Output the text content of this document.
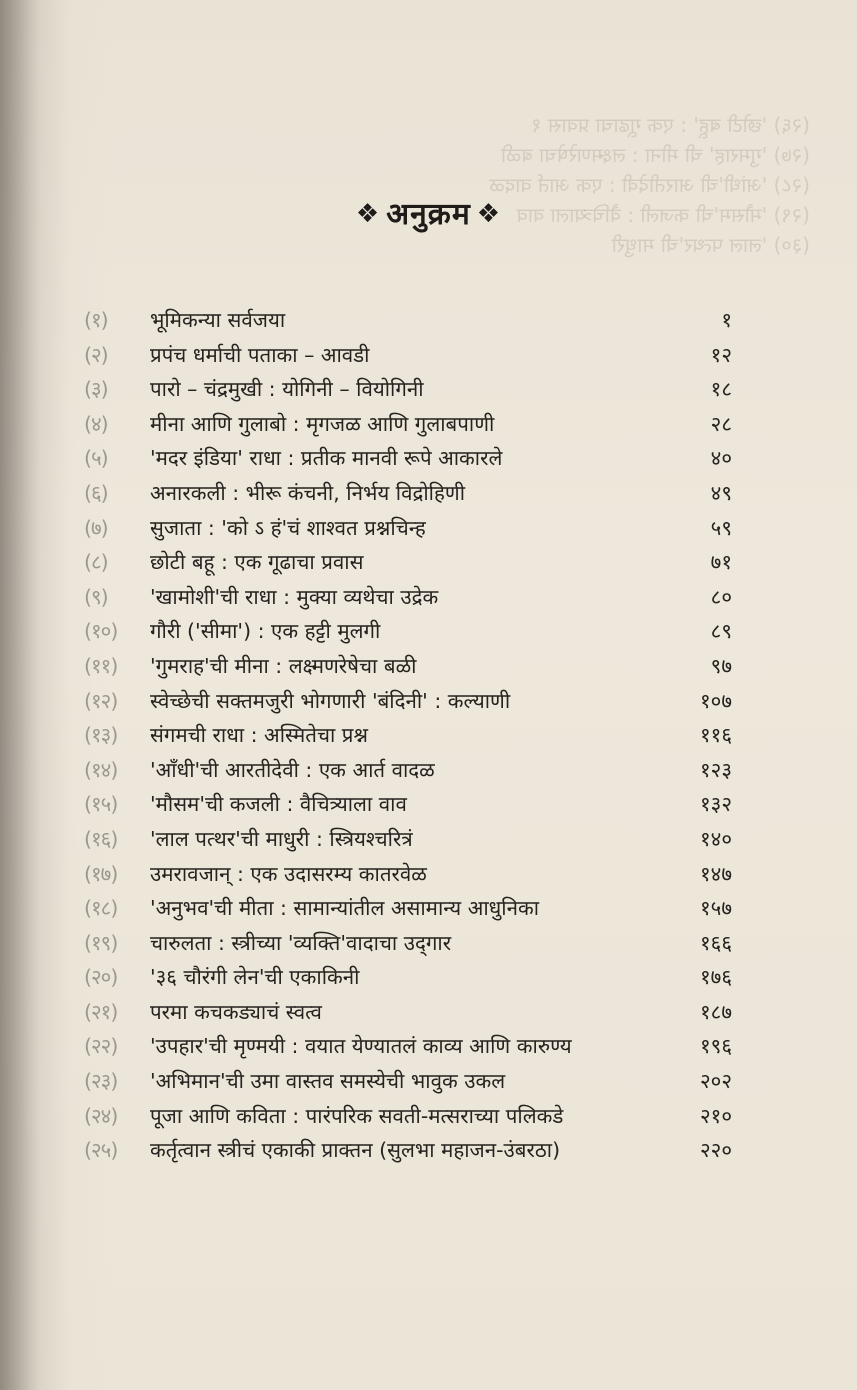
(२६) 'छोटी बहू' : एक गूढाचा प्रवास १
(२७) 'गुमराह' ची मीना : लक्ष्मणरेषेचा बळी
(२८) 'आंधी'ची आरतीदेवी : एक आर्त वादळ
(२९) 'मौसम'ची कजली : वैचित्र्याला वाव
(३०) 'लाल पत्थर'ची माधुरी
❖ अनुक्रम ❖
(१)	भूमिकन्या सर्वजया	१
(२)	प्रपंच धर्माची पताका – आवडी	१२
(३)	पारो – चंद्रमुखी : योगिनी – वियोगिनी	१८
(४)	मीना आणि गुलाबो : मृगजळ आणि गुलाबपाणी	२८
(५)	'मदर इंडिया' राधा : प्रतीक मानवी रूपे आकारले	४०
(६)	अनारकली : भीरू कंचनी, निर्भय विद्रोहिणी	४९
(७)	सुजाता : 'को ऽ हं'चं शाश्वत प्रश्नचिन्ह	५९
(८)	छोटी बहू : एक गूढाचा प्रवास	७१
(९)	'खामोशी'ची राधा : मुक्या व्यथेचा उद्रेक	८०
(१०)	गौरी ('सीमा') : एक हट्टी मुलगी	८९
(११)	'गुमराह'ची मीना : लक्ष्मणरेषेचा बळी	९७
(१२)	स्वेच्छेची सक्तमजुरी भोगणारी 'बंदिनी' : कल्याणी	१०७
(१३)	संगमची राधा : अस्मितेचा प्रश्न	११६
(१४)	'आँधी'ची आरतीदेवी : एक आर्त वादळ	१२३
(१५)	'मौसम'ची कजली : वैचित्र्याला वाव	१३२
(१६)	'लाल पत्थर'ची माधुरी : स्त्रियश्चरित्रं	१४०
(१७)	उमरावजान् : एक उदासरम्य कातरवेळ	१४७
(१८)	'अनुभव'ची मीता : सामान्यांतील असामान्य आधुनिका	१५७
(१९)	चारुलता : स्त्रीच्या 'व्यक्ति'वादाचा उद्‌गार	१६६
(२०)	'३६ चौरंगी लेन'ची एकाकिनी	१७६
(२१)	परमा कचकड्याचं स्वत्व	१८७
(२२)	'उपहार'ची मृण्मयी : वयात येण्यातलं काव्य आणि कारुण्य	१९६
(२३)	'अभिमान'ची उमा वास्तव समस्येची भावुक उकल	२०२
(२४)	पूजा आणि कविता : पारंपरिक सवती-मत्सराच्या पलिकडे	२१०
(२५)	कर्तृत्वान स्त्रीचं एकाकी प्राक्तन (सुलभा महाजन-उंबरठा)	२२०
